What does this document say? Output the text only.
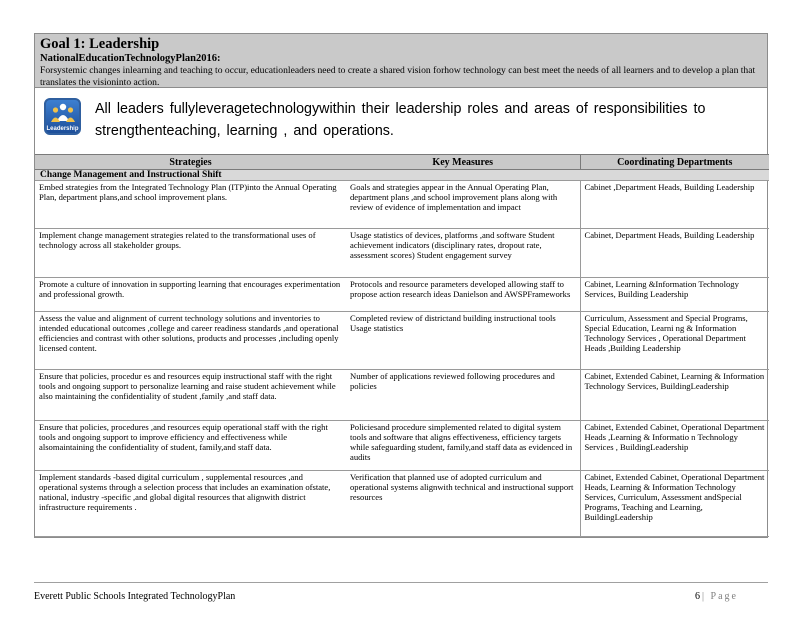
Goal 1: Leadership
NationalEducationTechnologyPlan2016:
Forsystemic changes inlearning and teaching to occur, educationleaders need to create a shared vision forhow technology can best meet the needs of all learners and to develop a plan that translates the visioninto action.
Leadership
All leaders fullyleveragetechnologywithin their leadership roles and areas of responsibilities to strengthenteaching, learning , and operations.
Strategies	Key Measures	Coordinating Departments
Change Management and Instructional Shift		
Embed strategies from the Integrated Technology Plan (ITP)into the Annual Operating Plan, department plans,and school improvement plans.	Goals and strategies appear in the Annual Operating Plan, department plans ,and school improvement plans along with review of evidence of implementation and impact	Cabinet ,Department Heads, Building Leadership
Implement change management strategies related to the transformational uses of technology across all stakeholder groups.	Usage statistics of devices, platforms ,and software Student achievement indicators (disciplinary rates, dropout rate, assessment scores) Student engagement survey	Cabinet, Department Heads, Building Leadership
Promote a culture of innovation in supporting learning that encourages experimentation and professional growth.	Protocols and resource parameters developed allowing staff to propose action research ideas Danielson and AWSPFrameworks	Cabinet, Learning &Information Technology Services, Building Leadership
Assess the value and alignment of current technology solutions and inventories to intended educational outcomes ,college and career readiness standards ,and operational efficiencies and contrast with other solutions, products and processes ,including openly licensed content.	Completed review of districtand building instructional tools Usage statistics	Curriculum, Assessment and Special Programs, Special Education, Learni ng & Information Technology Services , Operational Department Heads ,Building Leadership
Ensure that policies, procedur es and resources equip instructional staff with the right tools and ongoing support to personalize learning and raise student achievement while also maintaining the confidentiality of student ,family ,and staff data.	Number of applications reviewed following procedures and policies	Cabinet, Extended Cabinet, Learning & Information Technology Services, BuildingLeadership
Ensure that policies, procedures ,and resources equip operational staff with the right tools and ongoing support to improve efficiency and effectiveness while alsomaintaining the confidentiality of student, family,and staff data.	Policiesand procedure simplemented related to digital system tools and software that aligns effectiveness, efficiency targets while safeguarding student, family,and staff data as evidenced in audits	Cabinet, Extended Cabinet, Operational Department Heads ,Learning & Informatio n Technology Services , BuildingLeadership
Implement standards -based digital curriculum , supplemental resources ,and operational systems through a selection process that includes an examination ofstate, national, industry -specific ,and global digital resources that alignwith district infrastructure requirements .	Verification that planned use of adopted curriculum and operational systems alignwith technical and instructional support resources	Cabinet, Extended Cabinet, Operational Department Heads, Learning & Information Technology Services, Curriculum, Assessment andSpecial Programs, Teaching and Learning, BuildingLeadership
Everett Public Schools Integrated TechnologyPlan	6| Page
